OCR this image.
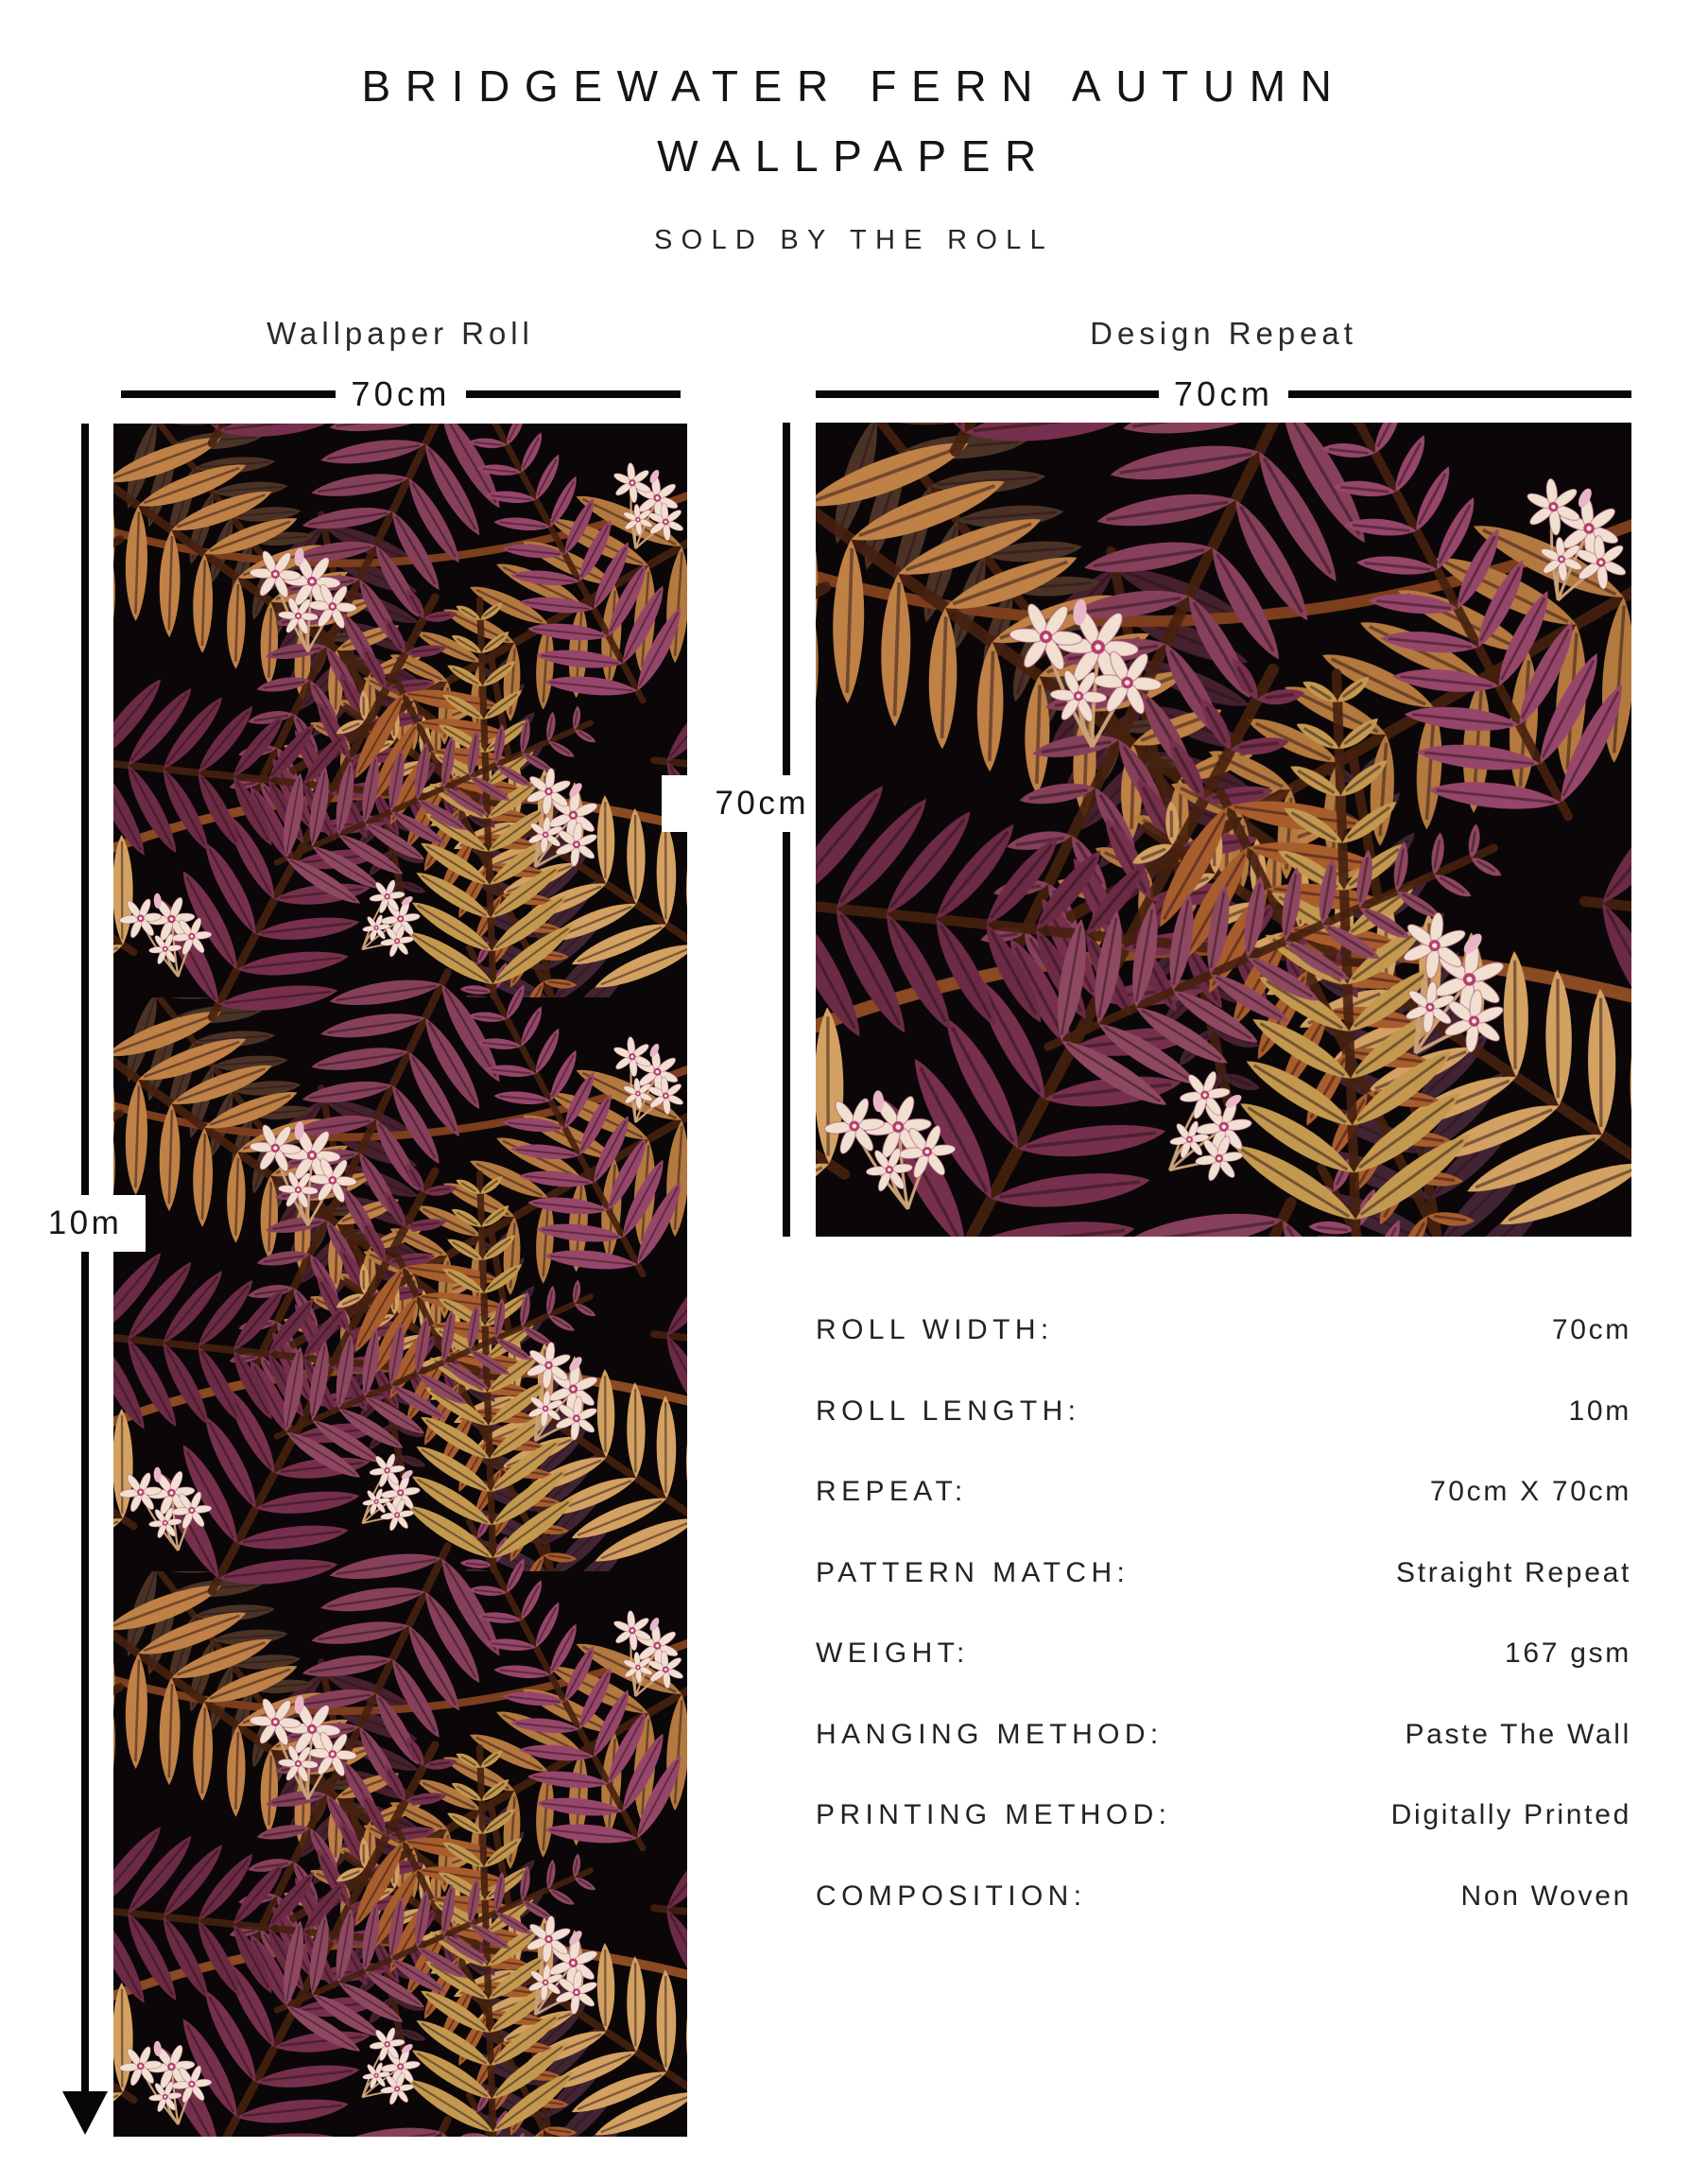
BRIDGEWATER FERN AUTUMN
WALLPAPER
SOLD BY THE ROLL
Wallpaper Roll
70cm
10m
Design Repeat
70cm
70cm
ROLL WIDTH:	70cm
ROLL LENGTH:	10m
REPEAT:	70cm X 70cm
PATTERN MATCH:	Straight Repeat
WEIGHT:	167 gsm
HANGING METHOD:	Paste The Wall
PRINTING METHOD:	Digitally Printed
COMPOSITION:	Non Woven
